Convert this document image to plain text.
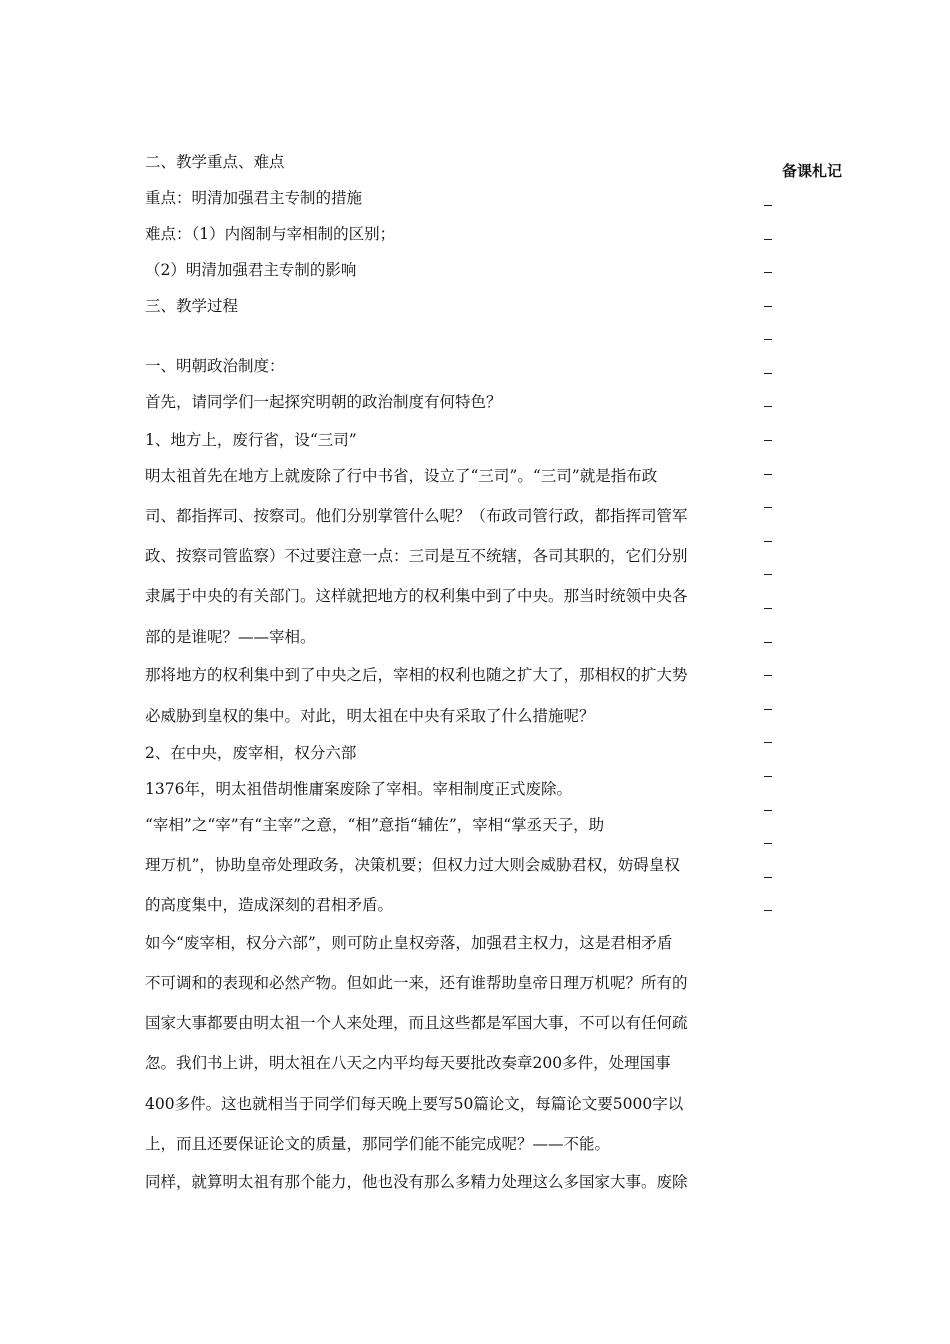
二、教学重点、难点
重点：明清加强君主专制的措施
难点：（1）内阁制与宰相制的区别；
（2）明清加强君主专制的影响
三、教学过程
一、明朝政治制度：
首先，请同学们一起探究明朝的政治制度有何特色？
1、地方上，废行省，设“三司”
明太祖首先在地方上就废除了行中书省，设立了“三司”。“三司”就是指布政
司、都指挥司、按察司。他们分别掌管什么呢？（布政司管行政，都指挥司管军
政、按察司管监察）不过要注意一点：三司是互不统辖，各司其职的，它们分别
隶属于中央的有关部门。这样就把地方的权利集中到了中央。那当时统领中央各
部的是谁呢？——宰相。
那将地方的权利集中到了中央之后，宰相的权利也随之扩大了，那相权的扩大势
必威胁到皇权的集中。对此，明太祖在中央有采取了什么措施呢？
2、在中央，废宰相，权分六部
1376年，明太祖借胡惟庸案废除了宰相。宰相制度正式废除。
“宰相”之“宰”有“主宰”之意，“相”意指“辅佐”，宰相“掌丞天子，助
理万机”，协助皇帝处理政务，决策机要；但权力过大则会威胁君权，妨碍皇权
的高度集中，造成深刻的君相矛盾。
如今“废宰相，权分六部”，则可防止皇权旁落，加强君主权力，这是君相矛盾
不可调和的表现和必然产物。但如此一来，还有谁帮助皇帝日理万机呢？所有的
国家大事都要由明太祖一个人来处理，而且这些都是军国大事，不可以有任何疏
忽。我们书上讲，明太祖在八天之内平均每天要批改奏章200多件，处理国事
400多件。这也就相当于同学们每天晚上要写50篇论文，每篇论文要5000字以
上，而且还要保证论文的质量，那同学们能不能完成呢？——不能。
同样，就算明太祖有那个能力，他也没有那么多精力处理这么多国家大事。废除
备课札记
